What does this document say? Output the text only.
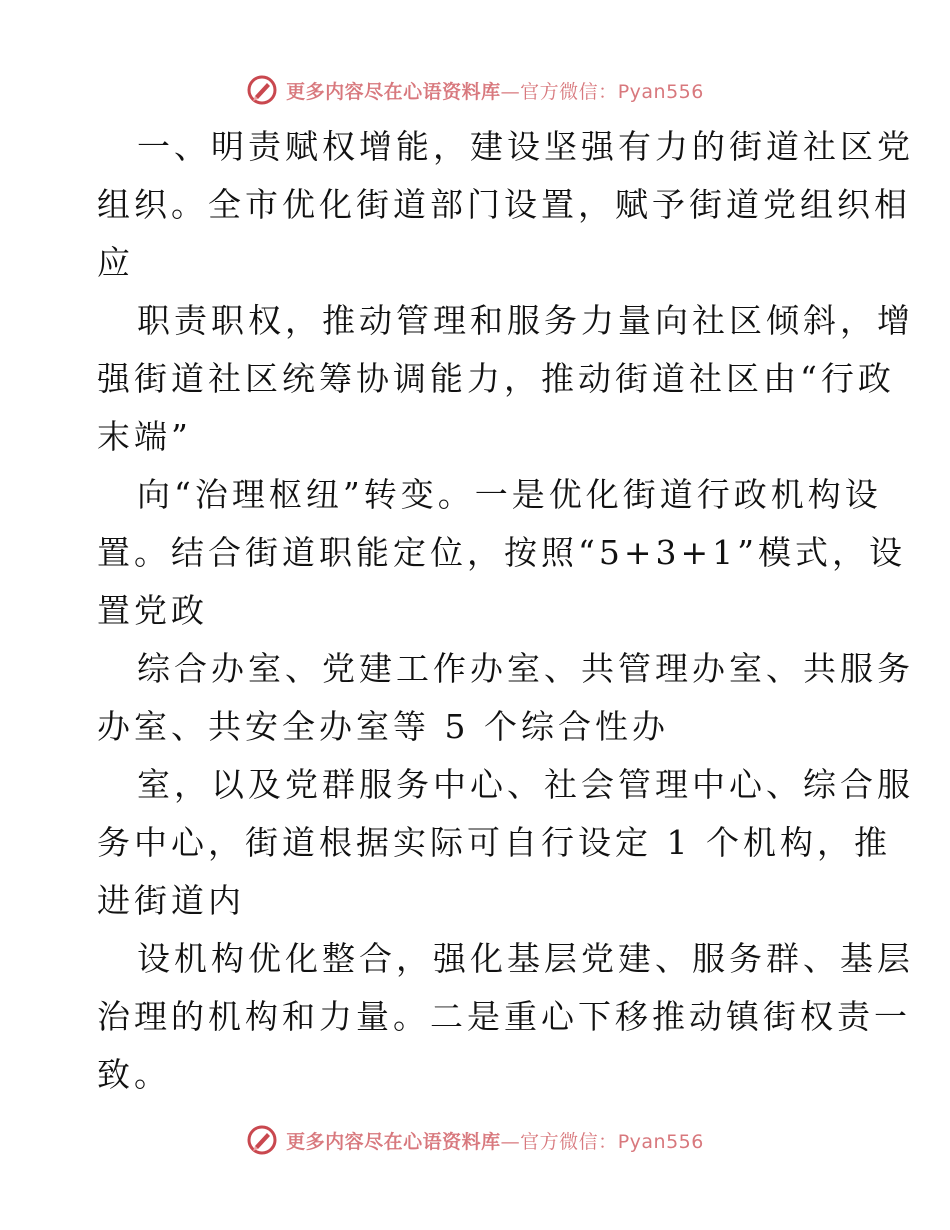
更多内容尽在心语资料库—官方微信：Pyan556
一、明责赋权增能，建设坚强有力的街道社区党
组织。全市优化街道部门设置，赋予街道党组织相
应
职责职权，推动管理和服务力量向社区倾斜，增
强街道社区统筹协调能力，推动街道社区由“行政
末端”
向“治理枢纽”转变。一是优化街道行政机构设
置。结合街道职能定位，按照“5+3+1”模式，设
置党政
综合办室、党建工作办室、共管理办室、共服务
办室、共安全办室等 5 个综合性办
室，以及党群服务中心、社会管理中心、综合服
务中心，街道根据实际可自行设定 1 个机构，推
进街道内
设机构优化整合，强化基层党建、服务群、基层
治理的机构和力量。二是重心下移推动镇街权责一
致。
更多内容尽在心语资料库—官方微信：Pyan556
